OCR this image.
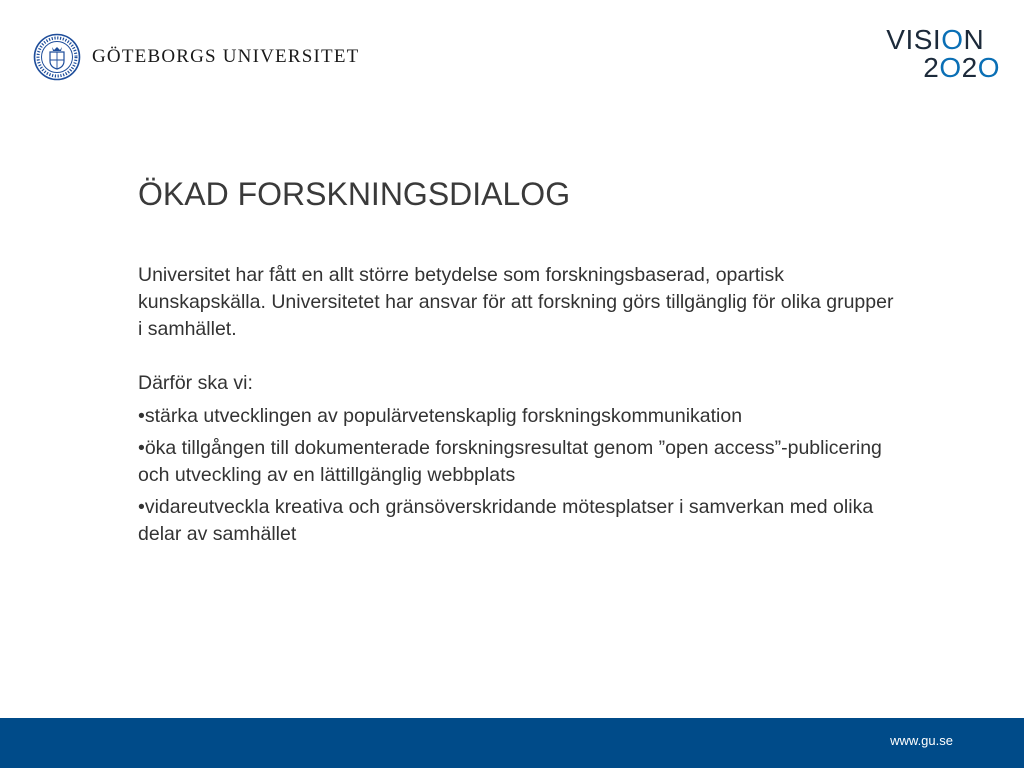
GÖTEBORGS UNIVERSITET
VISION
2O2O
ÖKAD FORSKNINGSDIALOG

Universitet har fått en allt större betydelse som forskningsbaserad, opartisk kunskapskälla. Universitetet har ansvar för att forskning görs tillgänglig för olika grupper i samhället.

Därför ska vi:

•stärka utvecklingen av populärvetenskaplig forskningskommunikation

•öka tillgången till dokumenterade forskningsresultat genom ”open access”-publicering och utveckling av en lättillgänglig webbplats

•vidareutveckla kreativa och gränsöverskridande mötesplatser i samverkan med olika delar av samhället

www.gu.se
